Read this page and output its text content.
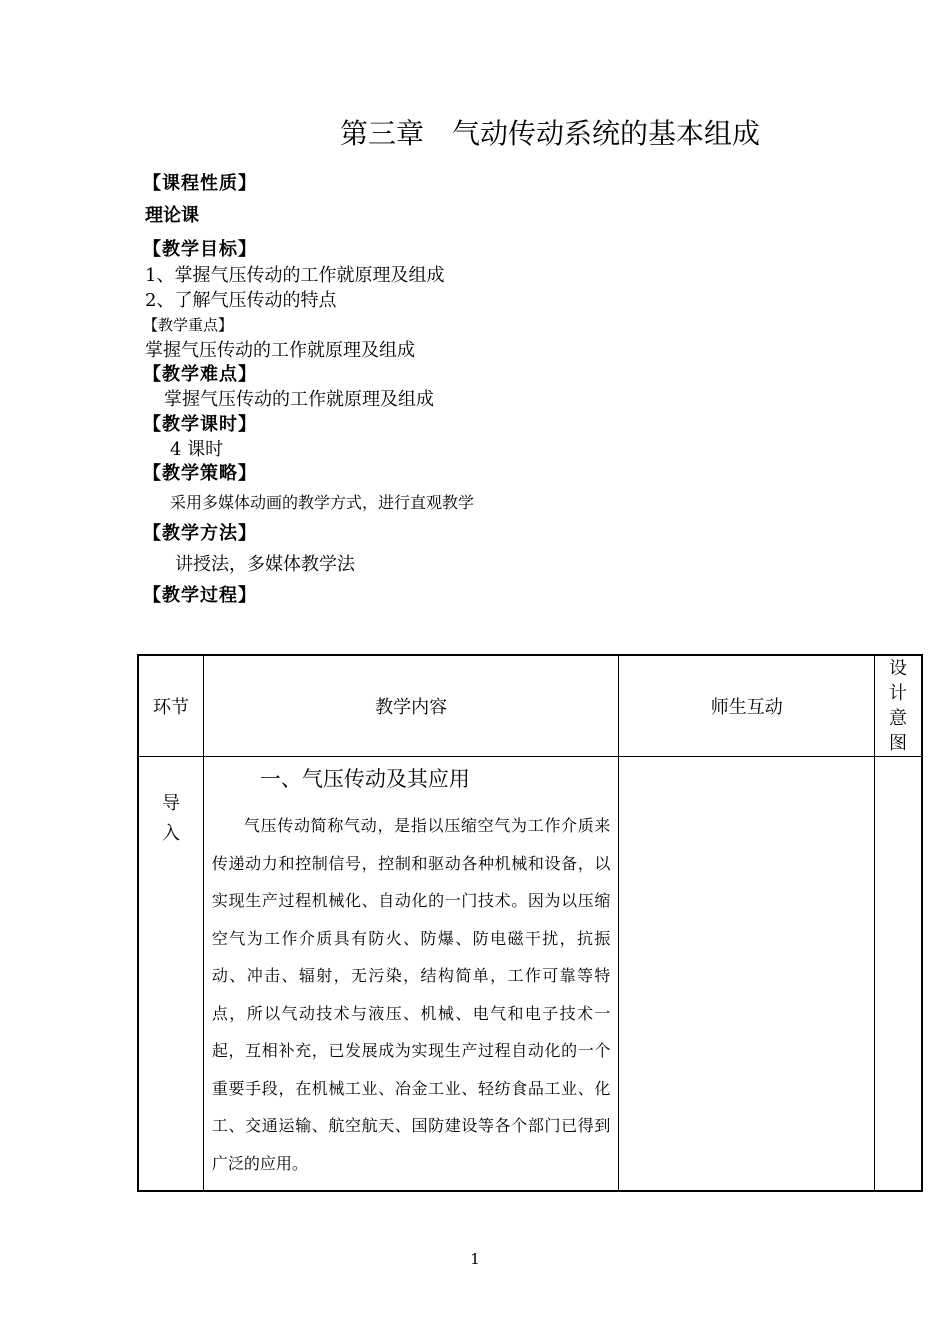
第三章　气动传动系统的基本组成
【课程性质】
理论课
【教学目标】
1、掌握气压传动的工作就原理及组成
2、了解气压传动的特点
【教学重点】
掌握气压传动的工作就原理及组成
【教学难点】
掌握气压传动的工作就原理及组成
【教学课时】
4 课时
【教学策略】
采用多媒体动画的教学方式，进行直观教学
【教学方法】
讲授法，多媒体教学法
【教学过程】
环节	教学内容	师生互动	设计意图
导入	一、气压传动及其应用

气压传动简称气动，是指以压缩空气为工作介质来传递动力和控制信号，控制和驱动各种机械和设备，以实现生产过程机械化、自动化的一门技术。因为以压缩空气为工作介质具有防火、防爆、防电磁干扰，抗振动、冲击、辐射，无污染，结构简单，工作可靠等特点，所以气动技术与液压、机械、电气和电子技术一起，互相补充，已发展成为实现生产过程自动化的一个重要手段，在机械工业、冶金工业、轻纺食品工业、化工、交通运输、航空航天、国防建设等各个部门已得到广泛的应用。		

1
